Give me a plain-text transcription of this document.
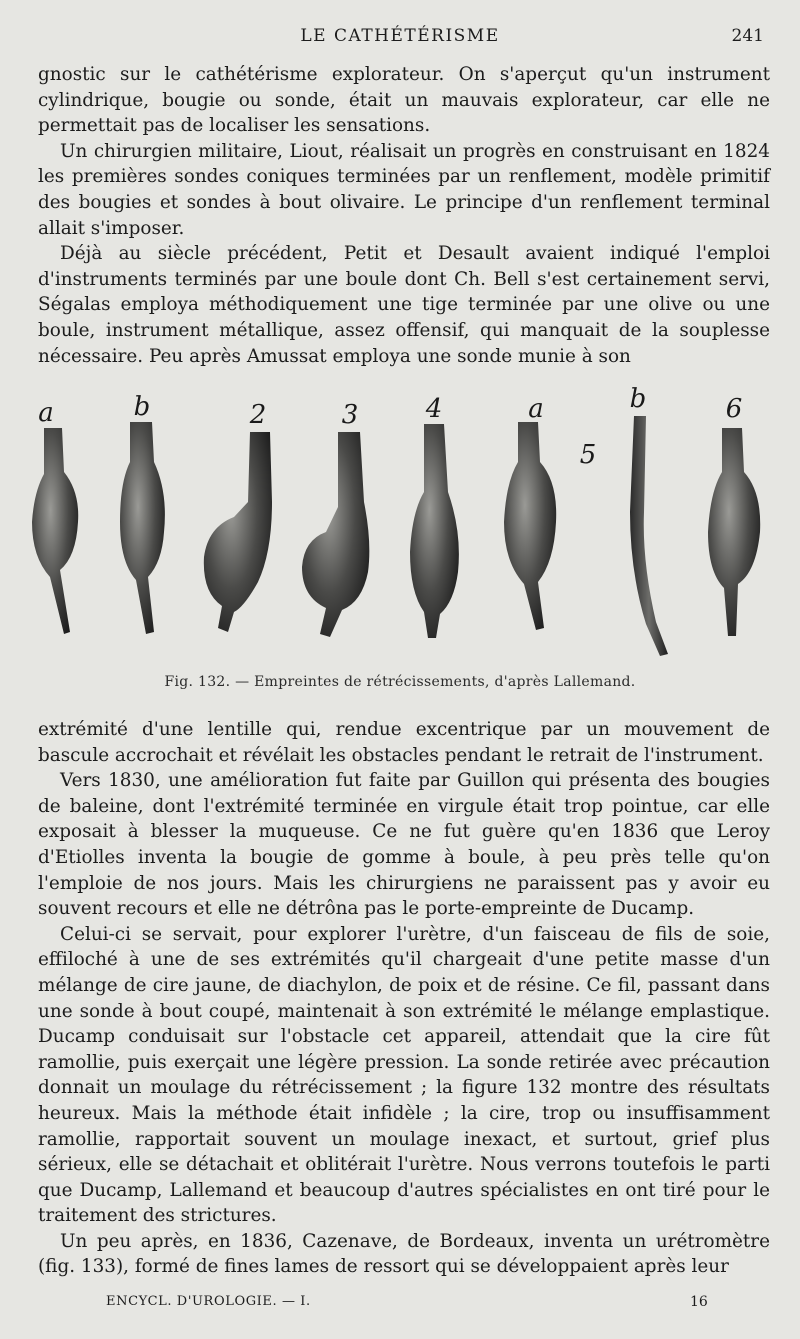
LE CATHÉTÉRISME	241

gnostic sur le cathétérisme explorateur. On s'aperçut qu'un instrument cylindrique, bougie ou sonde, était un mauvais explorateur, car elle ne permettait pas de localiser les sensations.

Un chirurgien militaire, Liout, réalisait un progrès en construisant en 1824 les premières sondes coniques terminées par un renflement, modèle primitif des bougies et sondes à bout olivaire. Le principe d'un renflement terminal allait s'imposer.

Déjà au siècle précédent, Petit et Desault avaient indiqué l'emploi d'instruments terminés par une boule dont Ch. Bell s'est certainement servi, Ségalas employa méthodiquement une tige terminée par une olive ou une boule, instrument métallique, assez offensif, qui manquait de la souplesse nécessaire. Peu après Amussat employa une sonde munie à son

a	b	2	3	4	a
5
b	6
Fig. 132. — Empreintes de rétrécissements, d'après Lallemand.

extrémité d'une lentille qui, rendue excentrique par un mouvement de bascule accrochait et révélait les obstacles pendant le retrait de l'instrument.

Vers 1830, une amélioration fut faite par Guillon qui présenta des bougies de baleine, dont l'extrémité terminée en virgule était trop pointue, car elle exposait à blesser la muqueuse. Ce ne fut guère qu'en 1836 que Leroy d'Etiolles inventa la bougie de gomme à boule, à peu près telle qu'on l'emploie de nos jours. Mais les chirurgiens ne paraissent pas y avoir eu souvent recours et elle ne détrôna pas le porte-empreinte de Ducamp.

Celui-ci se servait, pour explorer l'urètre, d'un faisceau de fils de soie, effiloché à une de ses extrémités qu'il chargeait d'une petite masse d'un mélange de cire jaune, de diachylon, de poix et de résine. Ce fil, passant dans une sonde à bout coupé, maintenait à son extrémité le mélange emplastique. Ducamp conduisait sur l'obstacle cet appareil, attendait que la cire fût ramollie, puis exerçait une légère pression. La sonde retirée avec précaution donnait un moulage du rétrécissement ; la figure 132 montre des résultats heureux. Mais la méthode était infidèle ; la cire, trop ou insuffisamment ramollie, rapportait souvent un moulage inexact, et surtout, grief plus sérieux, elle se détachait et oblitérait l'urètre. Nous verrons toutefois le parti que Ducamp, Lallemand et beaucoup d'autres spécialistes en ont tiré pour le traitement des strictures.

Un peu après, en 1836, Cazenave, de Bordeaux, inventa un urétromètre (fig. 133), formé de fines lames de ressort qui se développaient après leur

ENCYCL. D'UROLOGIE. — I.	16
